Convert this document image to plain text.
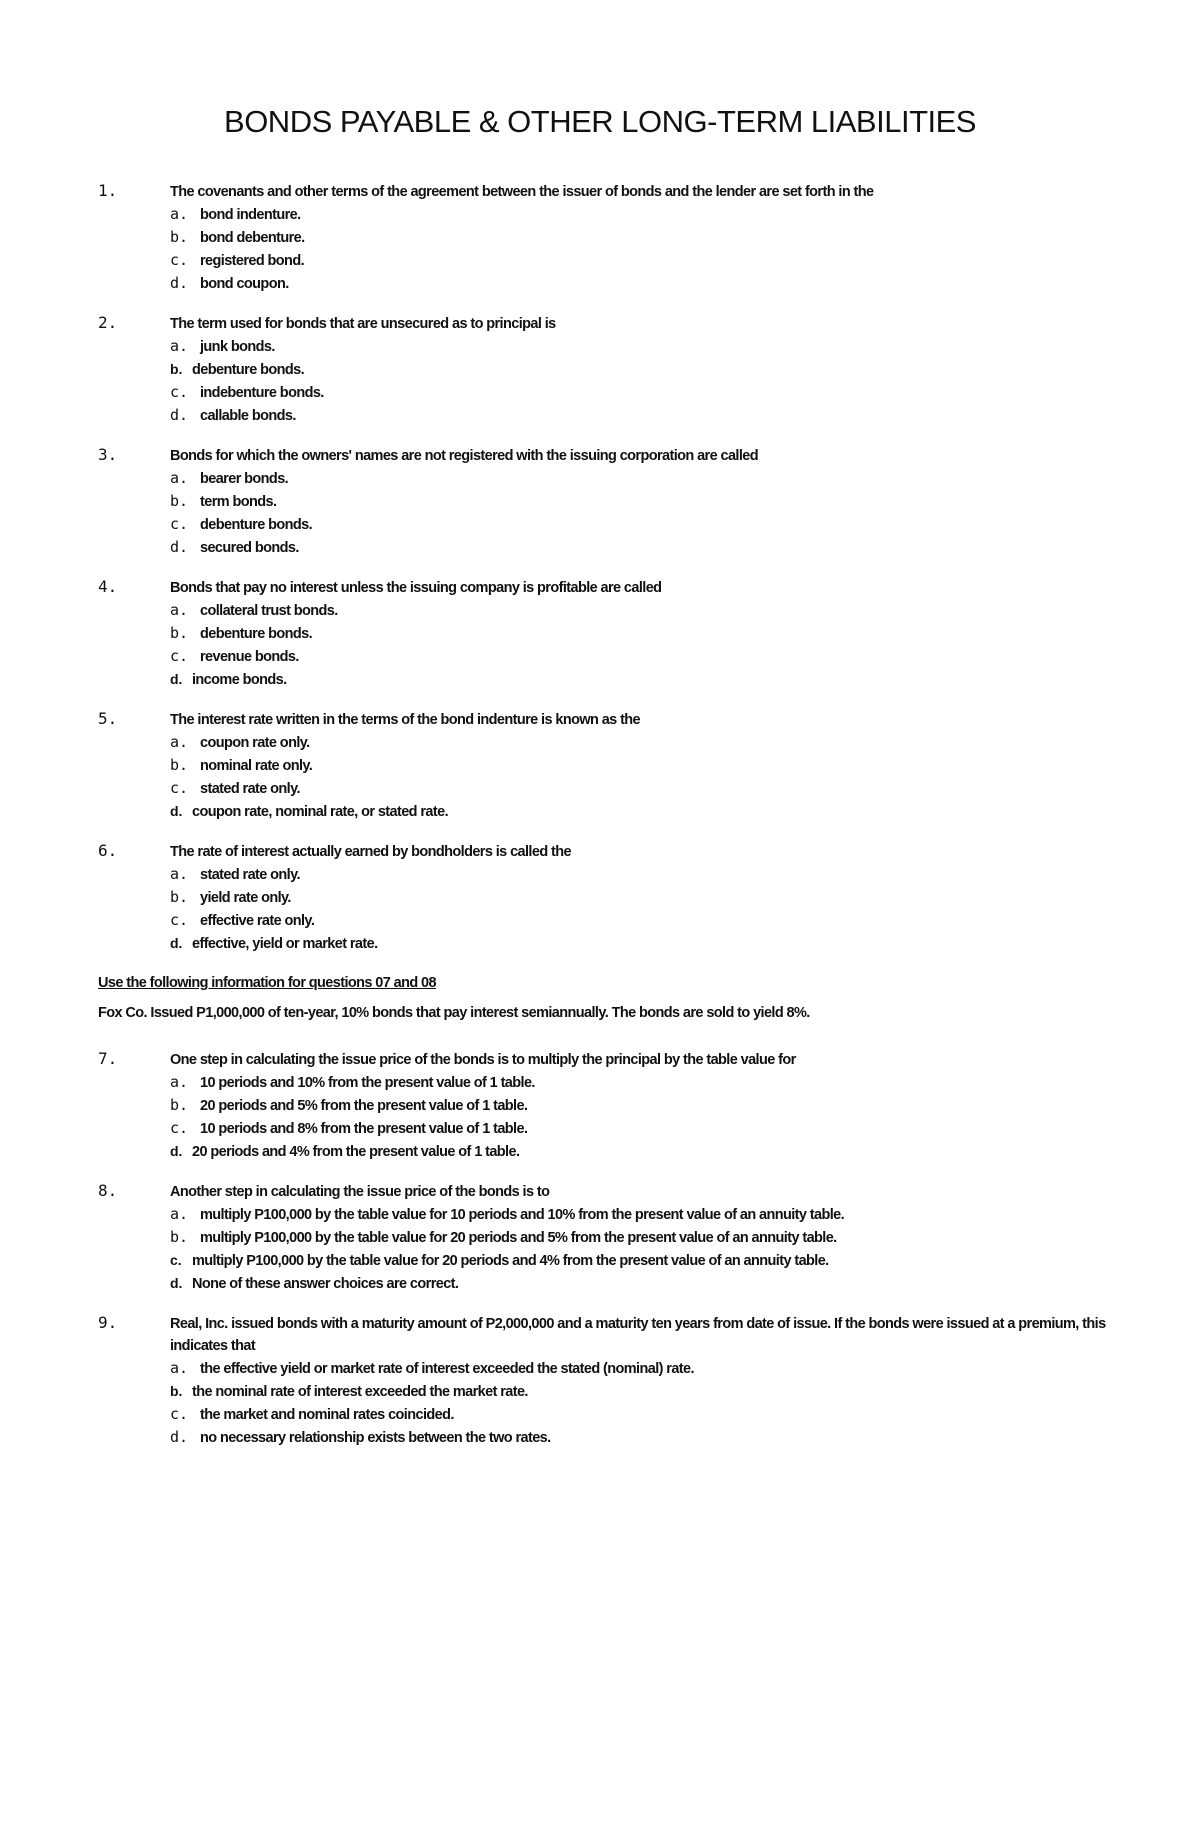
BONDS PAYABLE & OTHER LONG-TERM LIABILITIES
1.	The covenants and other terms of the agreement between the issuer of bonds and the lender are set forth in the
a. bond indenture.
b. bond debenture.
c. registered bond.
d. bond coupon.
2.	The term used for bonds that are unsecured as to principal is
a. junk bonds.
b. debenture bonds.
c. indebenture bonds.
d. callable bonds.
3.	Bonds for which the owners' names are not registered with the issuing corporation are called
a. bearer bonds.
b. term bonds.
c. debenture bonds.
d. secured bonds.
4.	Bonds that pay no interest unless the issuing company is profitable are called
a. collateral trust bonds.
b. debenture bonds.
c. revenue bonds.
d. income bonds.
5.	The interest rate written in the terms of the bond indenture is known as the
a. coupon rate only.
b. nominal rate only.
c. stated rate only.
d. coupon rate, nominal rate, or stated rate.
6.	The rate of interest actually earned by bondholders is called the
a. stated rate only.
b. yield rate only.
c. effective rate only.
d. effective, yield or market rate.
Use the following information for questions 07 and 08
Fox Co. Issued P1,000,000 of ten-year, 10% bonds that pay interest semiannually. The bonds are sold to yield 8%.
7.	One step in calculating the issue price of the bonds is to multiply the principal by the table value for
a. 10 periods and 10% from the present value of 1 table.
b. 20 periods and 5% from the present value of 1 table.
c. 10 periods and 8% from the present value of 1 table.
d. 20 periods and 4% from the present value of 1 table.
8.	Another step in calculating the issue price of the bonds is to
a. multiply P100,000 by the table value for 10 periods and 10% from the present value of an annuity table.
b. multiply P100,000 by the table value for 20 periods and 5% from the present value of an annuity table.
c. multiply P100,000 by the table value for 20 periods and 4% from the present value of an annuity table.
d. None of these answer choices are correct.
9.	Real, Inc. issued bonds with a maturity amount of P2,000,000 and a maturity ten years from date of issue. If the bonds were issued at a premium, this indicates that
a. the effective yield or market rate of interest exceeded the stated (nominal) rate.
b. the nominal rate of interest exceeded the market rate.
c. the market and nominal rates coincided.
d. no necessary relationship exists between the two rates.
